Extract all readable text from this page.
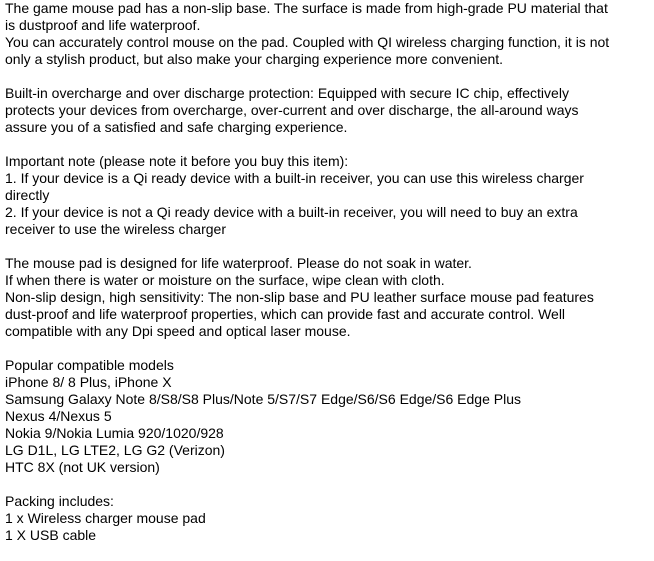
The game mouse pad has a non-slip base. The surface is made from high-grade PU material that
is dustproof and life waterproof.
You can accurately control mouse on the pad. Coupled with QI wireless charging function, it is not
only a stylish product, but also make your charging experience more convenient.
Built-in overcharge and over discharge protection: Equipped with secure IC chip, effectively
protects your devices from overcharge, over-current and over discharge, the all-around ways
assure you of a satisfied and safe charging experience.
Important note (please note it before you buy this item):
1. If your device is a Qi ready device with a built-in receiver, you can use this wireless charger
directly
2. If your device is not a Qi ready device with a built-in receiver, you will need to buy an extra
receiver to use the wireless charger
The mouse pad is designed for life waterproof. Please do not soak in water.
If when there is water or moisture on the surface, wipe clean with cloth.
Non-slip design, high sensitivity: The non-slip base and PU leather surface mouse pad features
dust-proof and life waterproof properties, which can provide fast and accurate control. Well
compatible with any Dpi speed and optical laser mouse.
Popular compatible models
iPhone 8/ 8 Plus, iPhone X
Samsung Galaxy Note 8/S8/S8 Plus/Note 5/S7/S7 Edge/S6/S6 Edge/S6 Edge Plus
Nexus 4/Nexus 5
Nokia 9/Nokia Lumia 920/1020/928
LG D1L, LG LTE2, LG G2 (Verizon)
HTC 8X (not UK version)
Packing includes:
1 x Wireless charger mouse pad
1 X USB cable
